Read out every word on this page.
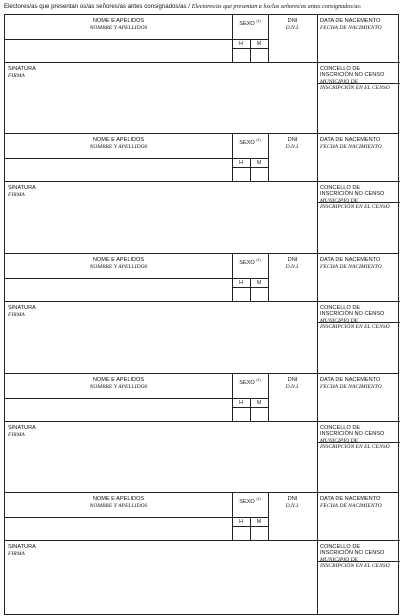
Electores/as que presentan os/as señores/as antes consignados/as / Electores/as que presentan a los/las señores/as antes consignados/as:
NOME E APELIDOS
NOMBRE Y APELLIDOS
SEXO $^{(1)}$
H	M
DNI
D.N.I.
DATA DE NACEMENTO
FECHA DE NACIMIENTO
SINATURA
FIRMA
CONCELLO DE
INSCRICIÓN NO CENSO
MUNICIPIO DE
INSCRIPCIÓN EN EL CENSO
NOME E APELIDOS
NOMBRE Y APELLIDOS
SEXO $^{(1)}$
H	M
DNI
D.N.I.
DATA DE NACEMENTO
FECHA DE NACIMIENTO
SINATURA
FIRMA
CONCELLO DE
INSCRICIÓN NO CENSO
MUNICIPIO DE
INSCRIPCIÓN EN EL CENSO
NOME E APELIDOS
NOMBRE Y APELLIDOS
SEXO $^{(1)}$
H	M
DNI
D.N.I.
DATA DE NACEMENTO
FECHA DE NACIMIENTO
SINATURA
FIRMA
CONCELLO DE
INSCRICIÓN NO CENSO
MUNICIPIO DE
INSCRIPCIÓN EN EL CENSO
NOME E APELIDOS
NOMBRE Y APELLIDOS
SEXO $^{(1)}$
H	M
DNI
D.N.I.
DATA DE NACEMENTO
FECHA DE NACIMIENTO
SINATURA
FIRMA
CONCELLO DE
INSCRICIÓN NO CENSO
MUNICIPIO DE
INSCRIPCIÓN EN EL CENSO
NOME E APELIDOS
NOMBRE Y APELLIDOS
SEXO $^{(1)}$
H	M
DNI
D.N.I.
DATA DE NACEMENTO
FECHA DE NACIMIENTO
SINATURA
FIRMA
CONCELLO DE
INSCRICIÓN NO CENSO
MUNICIPIO DE
INSCRIPCIÓN EN EL CENSO
